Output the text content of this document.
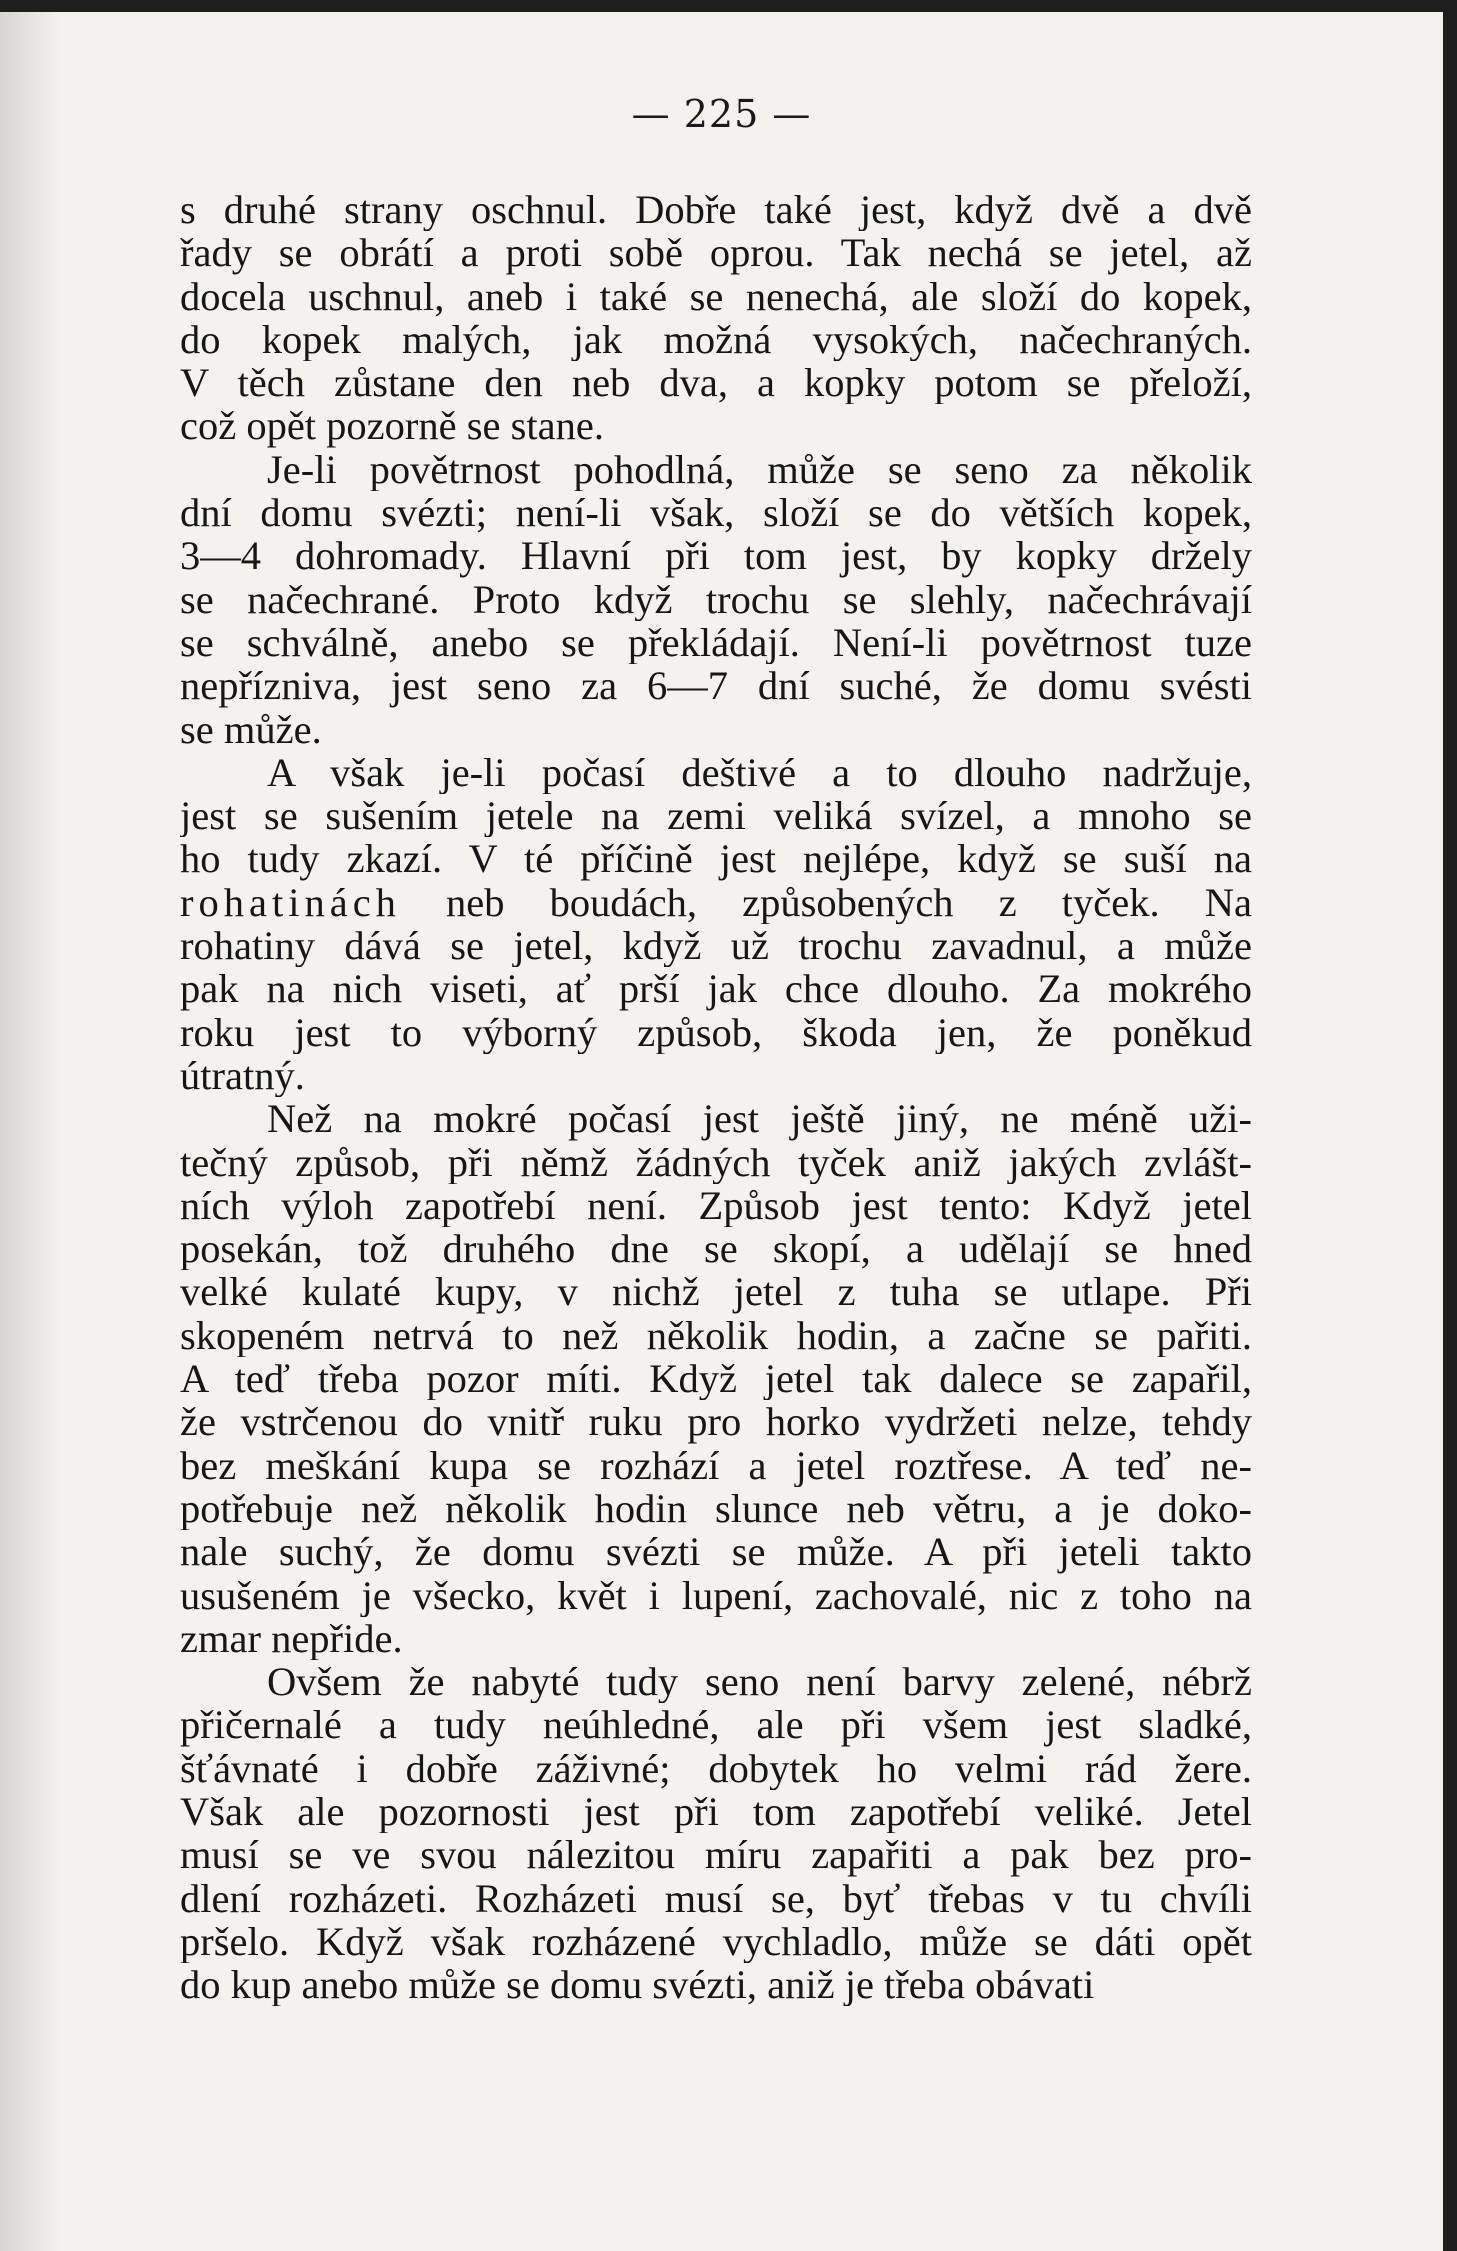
— 225 —
s druhé strany oschnul. Dobře také jest, když dvě a dvě
řady se obrátí a proti sobě oprou. Tak nechá se jetel, až
docela uschnul, aneb i také se nenechá, ale složí do kopek,
do kopek malých, jak možná vysokých, načechraných.
V těch zůstane den neb dva, a kopky potom se přeloží,
což opět pozorně se stane.
Je-li povětrnost pohodlná, může se seno za několik
dní domu svézti; není-li však, složí se do větších kopek,
3—4 dohromady. Hlavní při tom jest, by kopky držely
se načechrané. Proto když trochu se slehly, načechrávají
se schválně, anebo se překládají. Není-li povětrnost tuze
nepřízniva, jest seno za 6—7 dní suché, že domu svésti
se může.
A však je-li počasí deštivé a to dlouho nadržuje,
jest se sušením jetele na zemi veliká svízel, a mnoho se
ho tudy zkazí. V té příčině jest nejlépe, když se suší na
rohatinách neb boudách, způsobených z tyček. Na
rohatiny dává se jetel, když už trochu zavadnul, a může
pak na nich viseti, ať prší jak chce dlouho. Za mokrého
roku jest to výborný způsob, škoda jen, že poněkud
útratný.
Než na mokré počasí jest ještě jiný, ne méně uži-
tečný způsob, při němž žádných tyček aniž jakých zvlášt-
ních výloh zapotřebí není. Způsob jest tento: Když jetel
posekán, tož druhého dne se skopí, a udělají se hned
velké kulaté kupy, v nichž jetel z tuha se utlape. Při
skopeném netrvá to než několik hodin, a začne se pařiti.
A teď třeba pozor míti. Když jetel tak dalece se zapařil,
že vstrčenou do vnitř ruku pro horko vydržeti nelze, tehdy
bez meškání kupa se rozhází a jetel roztřese. A teď ne-
potřebuje než několik hodin slunce neb větru, a je doko-
nale suchý, že domu svézti se může. A při jeteli takto
usušeném je všecko, květ i lupení, zachovalé, nic z toho na
zmar nepřide.
Ovšem že nabyté tudy seno není barvy zelené, nébrž
přičernalé a tudy neúhledné, ale při všem jest sladké,
šťávnaté i dobře záživné; dobytek ho velmi rád žere.
Však ale pozornosti jest při tom zapotřebí veliké. Jetel
musí se ve svou nálezitou míru zapařiti a pak bez pro-
dlení rozházeti. Rozházeti musí se, byť třebas v tu chvíli
pršelo. Když však rozházené vychladlo, může se dáti opět
do kup anebo může se domu svézti, aniž je třeba obávati
